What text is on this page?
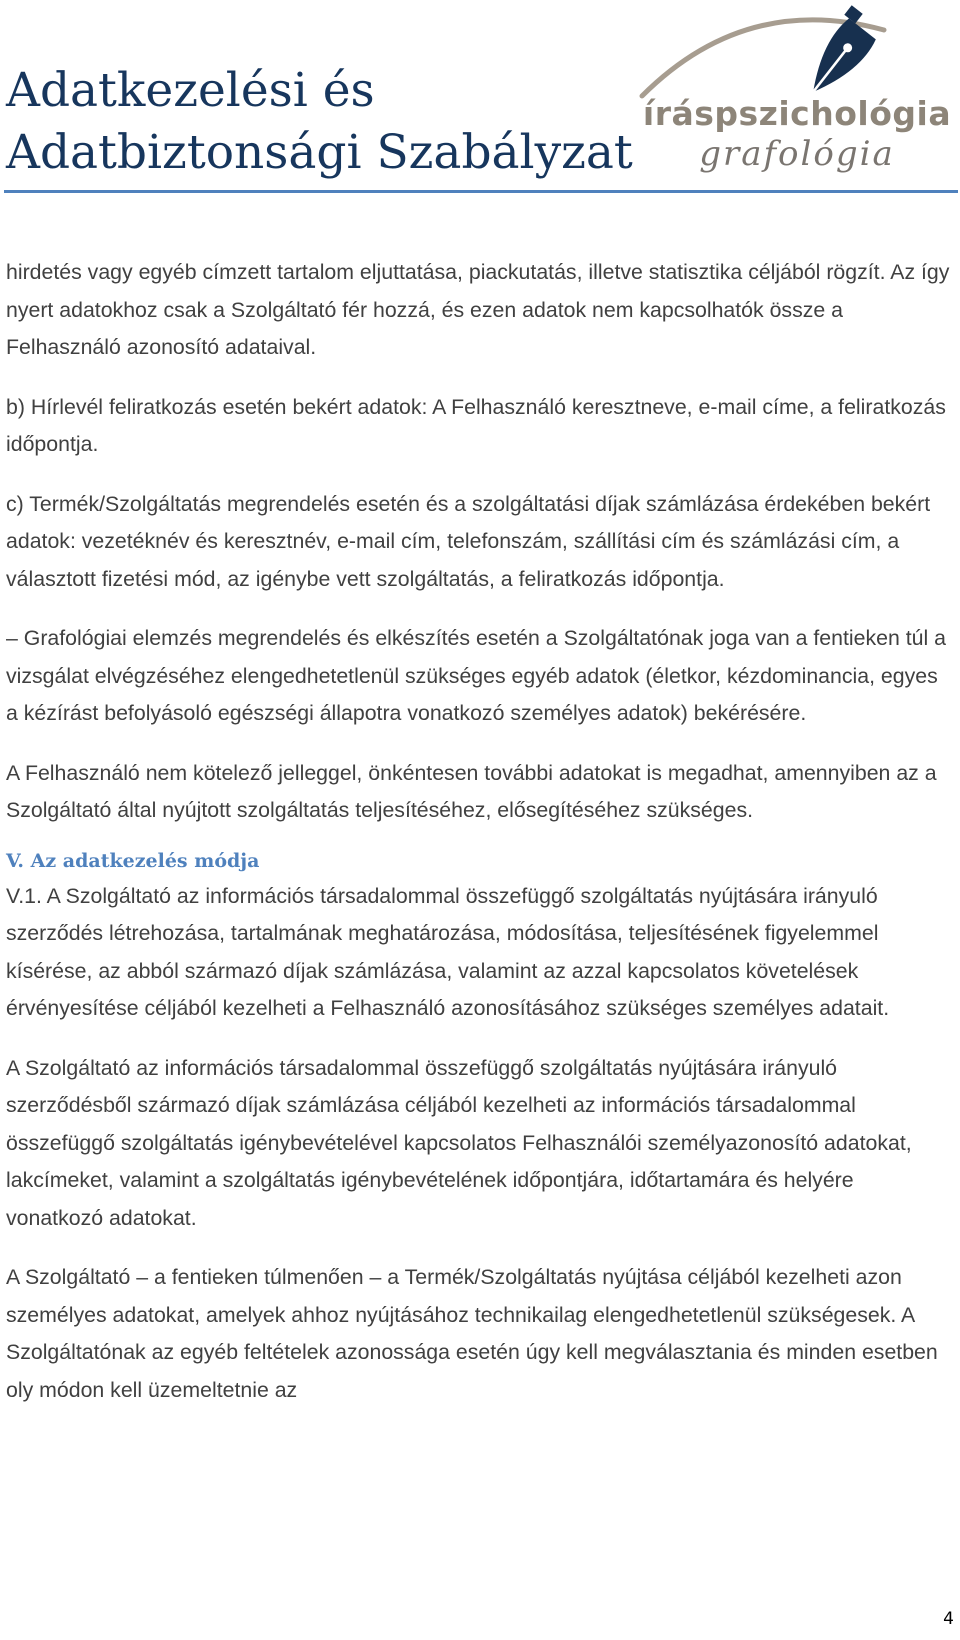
Adatkezelési és
Adatbiztonsági Szabályzat
íráspszichológia
grafológia

hirdetés vagy egyéb címzett tartalom eljuttatása, piackutatás, illetve statisztika céljából rögzít. Az így nyert adatokhoz csak a Szolgáltató fér hozzá, és ezen adatok nem kapcsolhatók össze a Felhasználó azonosító adataival.

b) Hírlevél feliratkozás esetén bekért adatok: A Felhasználó keresztneve, e-mail címe, a feliratkozás időpontja.

c) Termék/Szolgáltatás megrendelés esetén és a szolgáltatási díjak számlázása érdekében bekért adatok: vezetéknév és keresztnév, e-mail cím, telefonszám, szállítási cím és számlázási cím, a választott fizetési mód, az igénybe vett szolgáltatás, a feliratkozás időpontja.

– Grafológiai elemzés megrendelés és elkészítés esetén a Szolgáltatónak joga van a fentieken túl a vizsgálat elvégzéséhez elengedhetetlenül szükséges egyéb adatok (életkor, kézdominancia, egyes a kézírást befolyásoló egészségi állapotra vonatkozó személyes adatok) bekérésére.

A Felhasználó nem kötelező jelleggel, önkéntesen további adatokat is megadhat, amennyiben az a Szolgáltató által nyújtott szolgáltatás teljesítéséhez, elősegítéséhez szükséges.

V. Az adatkezelés módja

V.1. A Szolgáltató az információs társadalommal összefüggő szolgáltatás nyújtására irányuló szerződés létrehozása, tartalmának meghatározása, módosítása, teljesítésének figyelemmel kísérése, az abból származó díjak számlázása, valamint az azzal kapcsolatos követelések érvényesítése céljából kezelheti a Felhasználó azonosításához szükséges személyes adatait.

A Szolgáltató az információs társadalommal összefüggő szolgáltatás nyújtására irányuló szerződésből származó díjak számlázása céljából kezelheti az információs társadalommal összefüggő szolgáltatás igénybevételével kapcsolatos Felhasználói személyazonosító adatokat, lakcímeket, valamint a szolgáltatás igénybevételének időpontjára, időtartamára és helyére vonatkozó adatokat.

A Szolgáltató – a fentieken túlmenően – a Termék/Szolgáltatás nyújtása céljából kezelheti azon személyes adatokat, amelyek ahhoz nyújtásához technikailag elengedhetetlenül szükségesek. A Szolgáltatónak az egyéb feltételek azonossága esetén úgy kell megválasztania és minden esetben oly módon kell üzemeltetnie az

4
